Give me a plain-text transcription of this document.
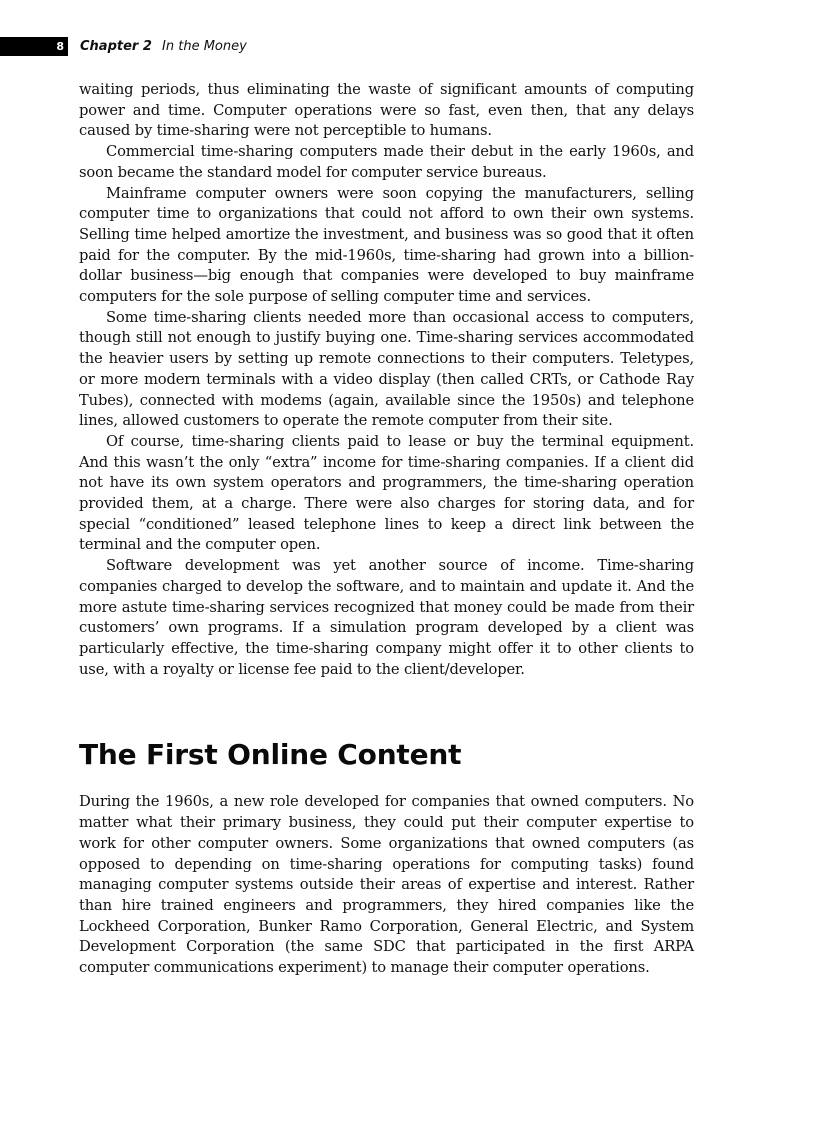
8	Chapter 2 In the Money

waiting periods, thus eliminating the waste of significant amounts of computing power and time. Computer operations were so fast, even then, that any delays caused by time-sharing were not perceptible to humans.

Commercial time-sharing computers made their debut in the early 1960s, and soon became the standard model for computer service bureaus.

Mainframe computer owners were soon copying the manufacturers, selling computer time to organizations that could not afford to own their own systems. Selling time helped amortize the investment, and business was so good that it often paid for the computer. By the mid-1960s, time-sharing had grown into a billion-dollar business—big enough that companies were developed to buy mainframe computers for the sole purpose of selling computer time and services.

Some time-sharing clients needed more than occasional access to computers, though still not enough to justify buying one. Time-sharing services accommodated the heavier users by setting up remote connections to their computers. Teletypes, or more modern terminals with a video display (then called CRTs, or Cathode Ray Tubes), connected with modems (again, available since the 1950s) and telephone lines, allowed customers to operate the remote computer from their site.

Of course, time-sharing clients paid to lease or buy the terminal equipment. And this wasn’t the only “extra” income for time-sharing companies. If a client did not have its own system operators and programmers, the time-sharing operation provided them, at a charge. There were also charges for storing data, and for special “conditioned” leased telephone lines to keep a direct link between the terminal and the computer open.

Software development was yet another source of income. Time-sharing companies charged to develop the software, and to maintain and update it. And the more astute time-sharing services recognized that money could be made from their customers’ own programs. If a simulation program developed by a client was particularly effective, the time-sharing company might offer it to other clients to use, with a royalty or license fee paid to the client/developer.

The First Online Content

During the 1960s, a new role developed for companies that owned computers. No matter what their primary business, they could put their computer expertise to work for other computer owners. Some organizations that owned computers (as opposed to depending on time-sharing operations for computing tasks) found managing computer systems outside their areas of expertise and interest. Rather than hire trained engineers and programmers, they hired companies like the Lockheed Corporation, Bunker Ramo Corporation, General Electric, and System Development Corporation (the same SDC that participated in the first ARPA computer communications experiment) to manage their computer operations.
